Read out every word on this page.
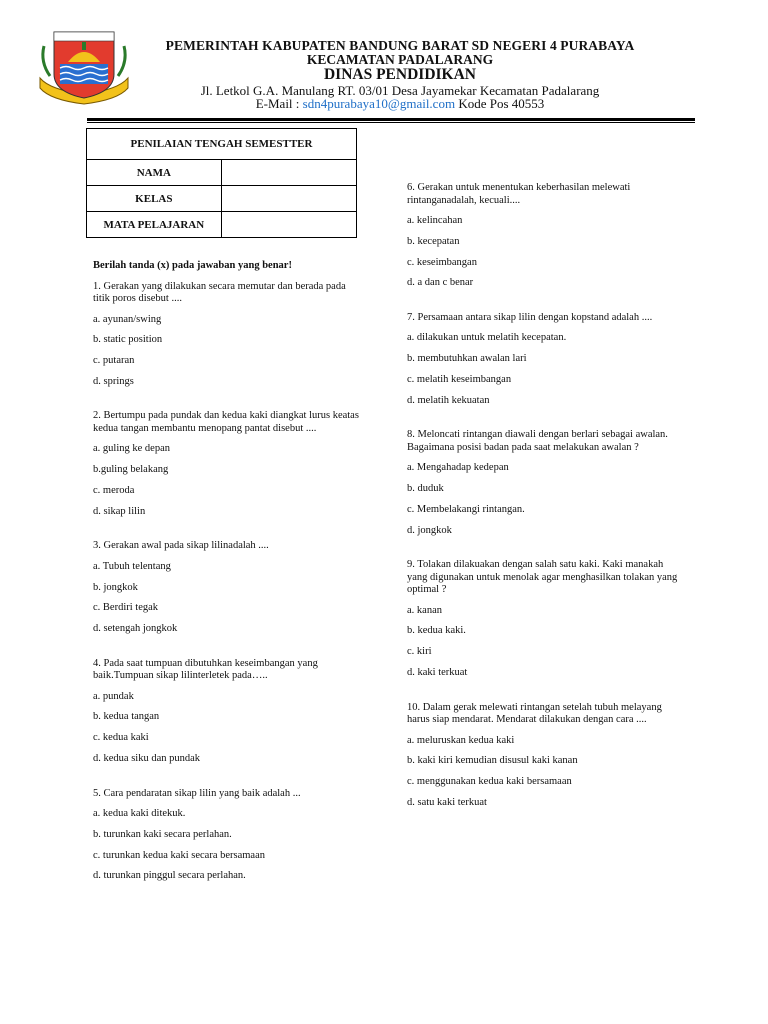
PEMERINTAH KABUPATEN BANDUNG BARAT SD NEGERI 4 PURABAYA
KECAMATAN PADALARANG
DINAS PENDIDIKAN
Jl. Letkol G.A. Manulang RT. 03/01 Desa Jayamekar Kecamatan Padalarang
E-Mail : sdn4purabaya10@gmail.com Kode Pos 40553
PENILAIAN TENGAH SEMESTTER	
NAMA	
KELAS	
MATA PELAJARAN	

Berilah tanda (x) pada jawaban yang benar!

1. Gerakan yang dilakukan secara memutar dan berada pada titik poros disebut ....

a. ayunan/swing

b. static position

c. putaran

d. springs

2. Bertumpu pada pundak dan kedua kaki diangkat lurus keatas kedua tangan membantu menopang pantat disebut ....

a. guling ke depan

b.guling belakang

c. meroda

d. sikap lilin

3. Gerakan awal pada sikap lilinadalah ....

a. Tubuh telentang

b. jongkok

c. Berdiri tegak

d. setengah jongkok

4. Pada saat tumpuan dibutuhkan keseimbangan yang baik.Tumpuan sikap lilinterletek pada…..

a. pundak

b. kedua tangan

c. kedua kaki

d. kedua siku dan pundak

5. Cara pendaratan sikap lilin yang baik adalah ...

a. kedua kaki ditekuk.

b. turunkan kaki secara perlahan.

c. turunkan kedua kaki secara bersamaan

d. turunkan pinggul secara perlahan.

6. Gerakan untuk menentukan keberhasilan melewati rintanganadalah, kecuali....

a. kelincahan

b. kecepatan

c. keseimbangan

d. a dan c benar

7. Persamaan antara sikap lilin dengan kopstand adalah ....

a. dilakukan untuk melatih kecepatan.

b. membutuhkan awalan lari

c. melatih keseimbangan

d. melatih kekuatan

8. Meloncati rintangan diawali dengan berlari sebagai awalan. Bagaimana posisi badan pada saat melakukan awalan ?

a. Mengahadap kedepan

b. duduk

c. Membelakangi rintangan.

d. jongkok

9. Tolakan dilakuakan dengan salah satu kaki. Kaki manakah yang digunakan untuk menolak agar menghasilkan tolakan yang optimal ?

a. kanan

b. kedua kaki.

c. kiri

d. kaki terkuat

10. Dalam gerak melewati rintangan setelah tubuh melayang harus siap mendarat. Mendarat dilakukan dengan cara ....

a. meluruskan kedua kaki

b. kaki kiri kemudian disusul kaki kanan

c. menggunakan kedua kaki bersamaan

d. satu kaki terkuat
